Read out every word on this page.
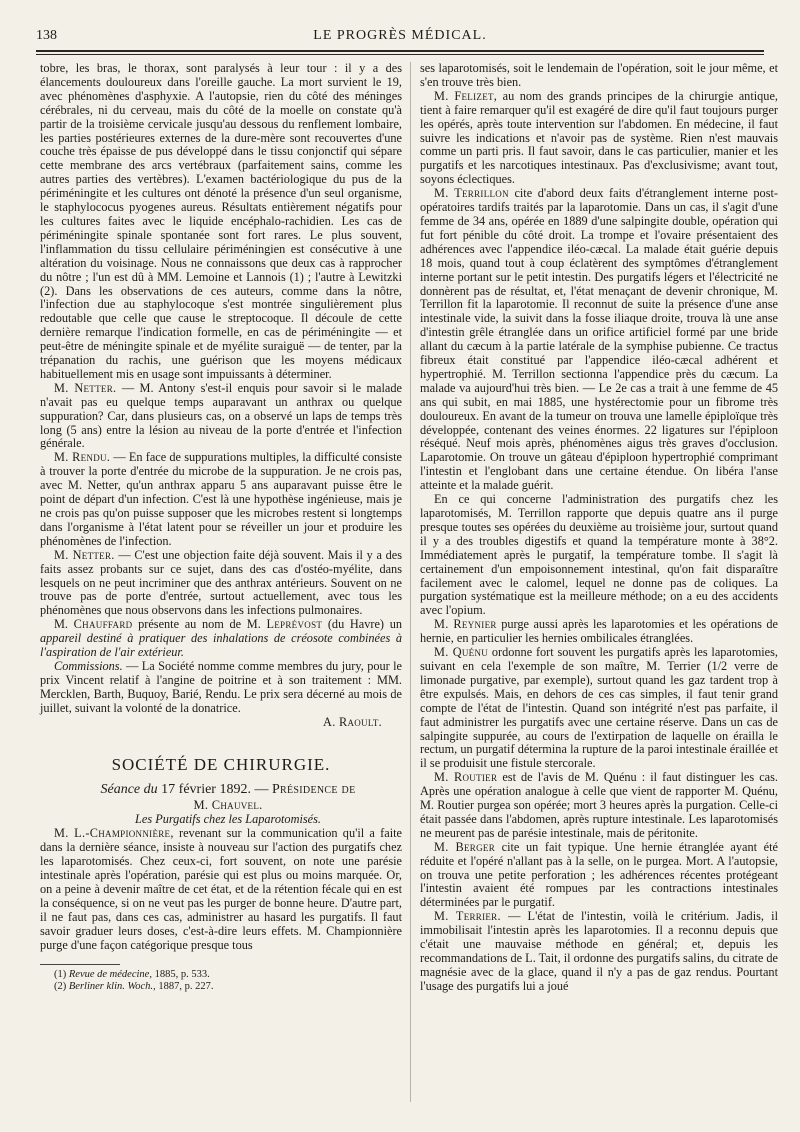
138	LE PROGRÈS MÉDICAL.

tobre, les bras, le thorax, sont paralysés à leur tour : il y a des élancements douloureux dans l'oreille gauche. La mort survient le 19, avec phénomènes d'asphyxie. A l'autopsie, rien du côté des méninges cérébrales, ni du cerveau, mais du côté de la moelle on constate qu'à partir de la troisième cervicale jusqu'au dessous du renflement lombaire, les parties postérieures externes de la dure-mère sont recouvertes d'une couche très épaisse de pus développé dans le tissu conjonctif qui sépare cette membrane des arcs vertébraux (parfaitement sains, comme les autres parties des vertèbres). L'examen bactériologique du pus de la périméningite et les cultures ont dénoté la présence d'un seul organisme, le staphylococus pyogenes aureus. Résultats entièrement négatifs pour les cultures faites avec le liquide encéphalo-rachidien. Les cas de périméningite spinale spontanée sont fort rares. Le plus souvent, l'inflammation du tissu cellulaire périméningien est consécutive à une altération du voisinage. Nous ne connaissons que deux cas à rapprocher du nôtre ; l'un est dû à MM. Lemoine et Lannois (1) ; l'autre à Lewitzki (2). Dans les observations de ces auteurs, comme dans la nôtre, l'infection due au staphylocoque s'est montrée singulièrement plus redoutable que celle que cause le streptocoque. Il découle de cette dernière remarque l'indication formelle, en cas de périméningite — et peut-être de méningite spinale et de myélite suraiguë — de tenter, par la trépanation du rachis, une guérison que les moyens médicaux habituellement mis en usage sont impuissants à déterminer.

M. Netter. — M. Antony s'est-il enquis pour savoir si le malade n'avait pas eu quelque temps auparavant un anthrax ou quelque suppuration? Car, dans plusieurs cas, on a observé un laps de temps très long (5 ans) entre la lésion au niveau de la porte d'entrée et l'infection générale.

M. Rendu. — En face de suppurations multiples, la difficulté consiste à trouver la porte d'entrée du microbe de la suppuration. Je ne crois pas, avec M. Netter, qu'un anthrax apparu 5 ans auparavant puisse être le point de départ d'un infection. C'est là une hypothèse ingénieuse, mais je ne crois pas qu'on puisse supposer que les microbes restent si longtemps dans l'organisme à l'état latent pour se réveiller un jour et produire les phénomènes de l'infection.

M. Netter. — C'est une objection faite déjà souvent. Mais il y a des faits assez probants sur ce sujet, dans des cas d'ostéo-myélite, dans lesquels on ne peut incriminer que des anthrax antérieurs. Souvent on ne trouve pas de porte d'entrée, surtout actuellement, avec tous les phénomènes que nous observons dans les infections pulmonaires.

M. Chauffard présente au nom de M. Leprévost (du Havre) un appareil destiné à pratiquer des inhalations de créosote combinées à l'aspiration de l'air extérieur.

Commissions. — La Société nomme comme membres du jury, pour le prix Vincent relatif à l'angine de poitrine et à son traitement : MM. Mercklen, Barth, Buquoy, Barié, Rendu. Le prix sera décerné au mois de juillet, suivant la volonté de la donatrice.
A. Raoult.

SOCIÉTÉ DE CHIRURGIE.

Séance du 17 février 1892. — Présidence de

M. Chauvel.

Les Purgatifs chez les Laparotomisés.

M. L.-Championnière, revenant sur la communication qu'il a faite dans la dernière séance, insiste à nouveau sur l'action des purgatifs chez les laparotomisés. Chez ceux-ci, fort souvent, on note une parésie intestinale après l'opération, parésie qui est plus ou moins marquée. Or, on a peine à devenir maître de cet état, et de la rétention fécale qui en est la conséquence, si on ne veut pas les purger de bonne heure. D'autre part, il ne faut pas, dans ces cas, administrer au hasard les purgatifs. Il faut savoir graduer leurs doses, c'est-à-dire leurs effets. M. Championnière purge d'une façon catégorique presque tous

(1) Revue de médecine, 1885, p. 533.

(2) Berliner klin. Woch., 1887, p. 227.

ses laparotomisés, soit le lendemain de l'opération, soit le jour même, et s'en trouve très bien.

M. Felizet, au nom des grands principes de la chirurgie antique, tient à faire remarquer qu'il est exagéré de dire qu'il faut toujours purger les opérés, après toute intervention sur l'abdomen. En médecine, il faut suivre les indications et n'avoir pas de système. Rien n'est mauvais comme un parti pris. Il faut savoir, dans le cas particulier, manier et les purgatifs et les narcotiques intestinaux. Pas d'exclusivisme; avant tout, soyons éclectiques.

M. Terrillon cite d'abord deux faits d'étranglement interne post-opératoires tardifs traités par la laparotomie. Dans un cas, il s'agit d'une femme de 34 ans, opérée en 1889 d'une salpingite double, opération qui fut fort pénible du côté droit. La trompe et l'ovaire présentaient des adhérences avec l'appendice iléo-cæcal. La malade était guérie depuis 18 mois, quand tout à coup éclatèrent des symptômes d'étranglement interne portant sur le petit intestin. Des purgatifs légers et l'électricité ne donnèrent pas de résultat, et, l'état menaçant de devenir chronique, M. Terrillon fit la laparotomie. Il reconnut de suite la présence d'une anse intestinale vide, la suivit dans la fosse iliaque droite, trouva là une anse d'intestin grêle étranglée dans un orifice artificiel formé par une bride allant du cæcum à la partie latérale de la symphise pubienne. Ce tractus fibreux était constitué par l'appendice iléo-cæcal adhérent et hypertrophié. M. Terrillon sectionna l'appendice près du cæcum. La malade va aujourd'hui très bien. — Le 2e cas a trait à une femme de 45 ans qui subit, en mai 1885, une hystérectomie pour un fibrome très douloureux. En avant de la tumeur on trouva une lamelle épiploïque très développée, contenant des veines énormes. 22 ligatures sur l'épiploon réséqué. Neuf mois après, phénomènes aigus très graves d'occlusion. Laparotomie. On trouve un gâteau d'épiploon hypertrophié comprimant l'intestin et l'englobant dans une certaine étendue. On libéra l'anse atteinte et la malade guérit.

En ce qui concerne l'administration des purgatifs chez les laparotomisés, M. Terrillon rapporte que depuis quatre ans il purge presque toutes ses opérées du deuxième au troisième jour, surtout quand il y a des troubles digestifs et quand la température monte à 38°2. Immédiatement après le purgatif, la température tombe. Il s'agit là certainement d'un empoisonnement intestinal, qu'on fait disparaître facilement avec le calomel, lequel ne donne pas de coliques. La purgation systématique est la meilleure méthode; on a eu des accidents avec l'opium.

M. Reynier purge aussi après les laparotomies et les opérations de hernie, en particulier les hernies ombilicales étranglées.

M. Quénu ordonne fort souvent les purgatifs après les laparotomies, suivant en cela l'exemple de son maître, M. Terrier (1/2 verre de limonade purgative, par exemple), surtout quand les gaz tardent trop à être expulsés. Mais, en dehors de ces cas simples, il faut tenir grand compte de l'état de l'intestin. Quand son intégrité n'est pas parfaite, il faut administrer les purgatifs avec une certaine réserve. Dans un cas de salpingite suppurée, au cours de l'extirpation de laquelle on érailla le rectum, un purgatif détermina la rupture de la paroi intestinale éraillée et il se produisit une fistule stercorale.

M. Routier est de l'avis de M. Quénu : il faut distinguer les cas. Après une opération analogue à celle que vient de rapporter M. Quénu, M. Routier purgea son opérée; mort 3 heures après la purgation. Celle-ci était passée dans l'abdomen, après rupture intestinale. Les laparotomisés ne meurent pas de parésie intestinale, mais de péritonite.

M. Berger cite un fait typique. Une hernie étranglée ayant été réduite et l'opéré n'allant pas à la selle, on le purgea. Mort. A l'autopsie, on trouva une petite perforation ; les adhérences récentes protégeant l'intestin avaient été rompues par les contractions intestinales déterminées par le purgatif.

M. Terrier. — L'état de l'intestin, voilà le critérium. Jadis, il immobilisait l'intestin après les laparotomies. Il a reconnu depuis que c'était une mauvaise méthode en général; et, depuis les recommandations de L. Tait, il ordonne des purgatifs salins, du citrate de magnésie avec de la glace, quand il n'y a pas de gaz rendus. Pourtant l'usage des purgatifs lui a joué
